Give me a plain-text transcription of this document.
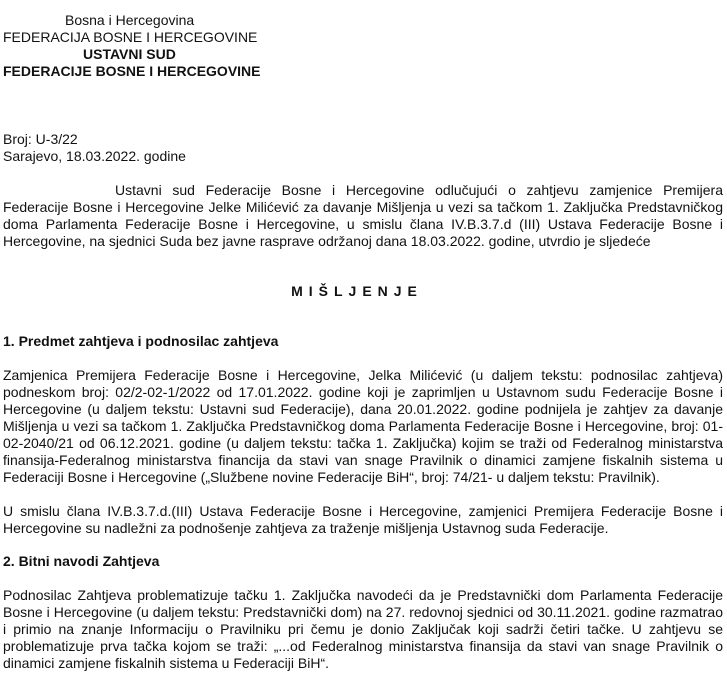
Bosna i Hercegovina
FEDERACIJA BOSNE I HERCEGOVINE
USTAVNI SUD
FEDERACIJE BOSNE I HERCEGOVINE
Broj: U-3/22
Sarajevo, 18.03.2022. godine

Ustavni sud Federacije Bosne i Hercegovine odlučujući o zahtjevu zamjenice Premijera Federacije Bosne i Hercegovine Jelke Milićević za davanje Mišljenja u vezi sa tačkom 1. Zaključka Predstavničkog doma Parlamenta Federacije Bosne i Hercegovine, u smislu člana IV.B.3.7.d (III) Ustava Federacije Bosne i Hercegovine, na sjednici Suda bez javne rasprave održanoj dana 18.03.2022. godine, utvrdio je sljedeće

MIŠLJENJE
1. Predmet zahtjeva i podnosilac zahtjeva

Zamjenica Premijera Federacije Bosne i Hercegovine, Jelka Milićević (u daljem tekstu: podnosilac zahtjeva) podneskom broj: 02/2-02-1/2022 od 17.01.2022. godine koji je zaprimljen u Ustavnom sudu Federacije Bosne i Hercegovine (u daljem tekstu: Ustavni sud Federacije), dana 20.01.2022. godine podnijela je zahtjev za davanje Mišljenja u vezi sa tačkom 1. Zaključka Predstavničkog doma Parlamenta Federacije Bosne i Hercegovine, broj: 01-02-2040/21 od 06.12.2021. godine (u daljem tekstu: tačka 1. Zaključka) kojim se traži od Federalnog ministarstva finansija-Federalnog ministarstva financija da stavi van snage Pravilnik o dinamici zamjene fiskalnih sistema u Federaciji Bosne i Hercegovine („Službene novine Federacije BiH“, broj: 74/21- u daljem tekstu: Pravilnik).

U smislu člana IV.B.3.7.d.(III) Ustava Federacije Bosne i Hercegovine, zamjenici Premijera Federacije Bosne i Hercegovine su nadležni za podnošenje zahtjeva za traženje mišljenja Ustavnog suda Federacije.

2. Bitni navodi Zahtjeva

Podnosilac Zahtjeva problematizuje tačku 1. Zaključka navodeći da je Predstavnički dom Parlamenta Federacije Bosne i Hercegovine (u daljem tekstu: Predstavnički dom) na 27. redovnoj sjednici od 30.11.2021. godine razmatrao i primio na znanje Informaciju o Pravilniku pri čemu je donio Zaključak koji sadrži četiri tačke. U zahtjevu se problematizuje prva tačka kojom se traži: „...od Federalnog ministarstva finansija da stavi van snage Pravilnik o dinamici zamjene fiskalnih sistema u Federaciji BiH“.
